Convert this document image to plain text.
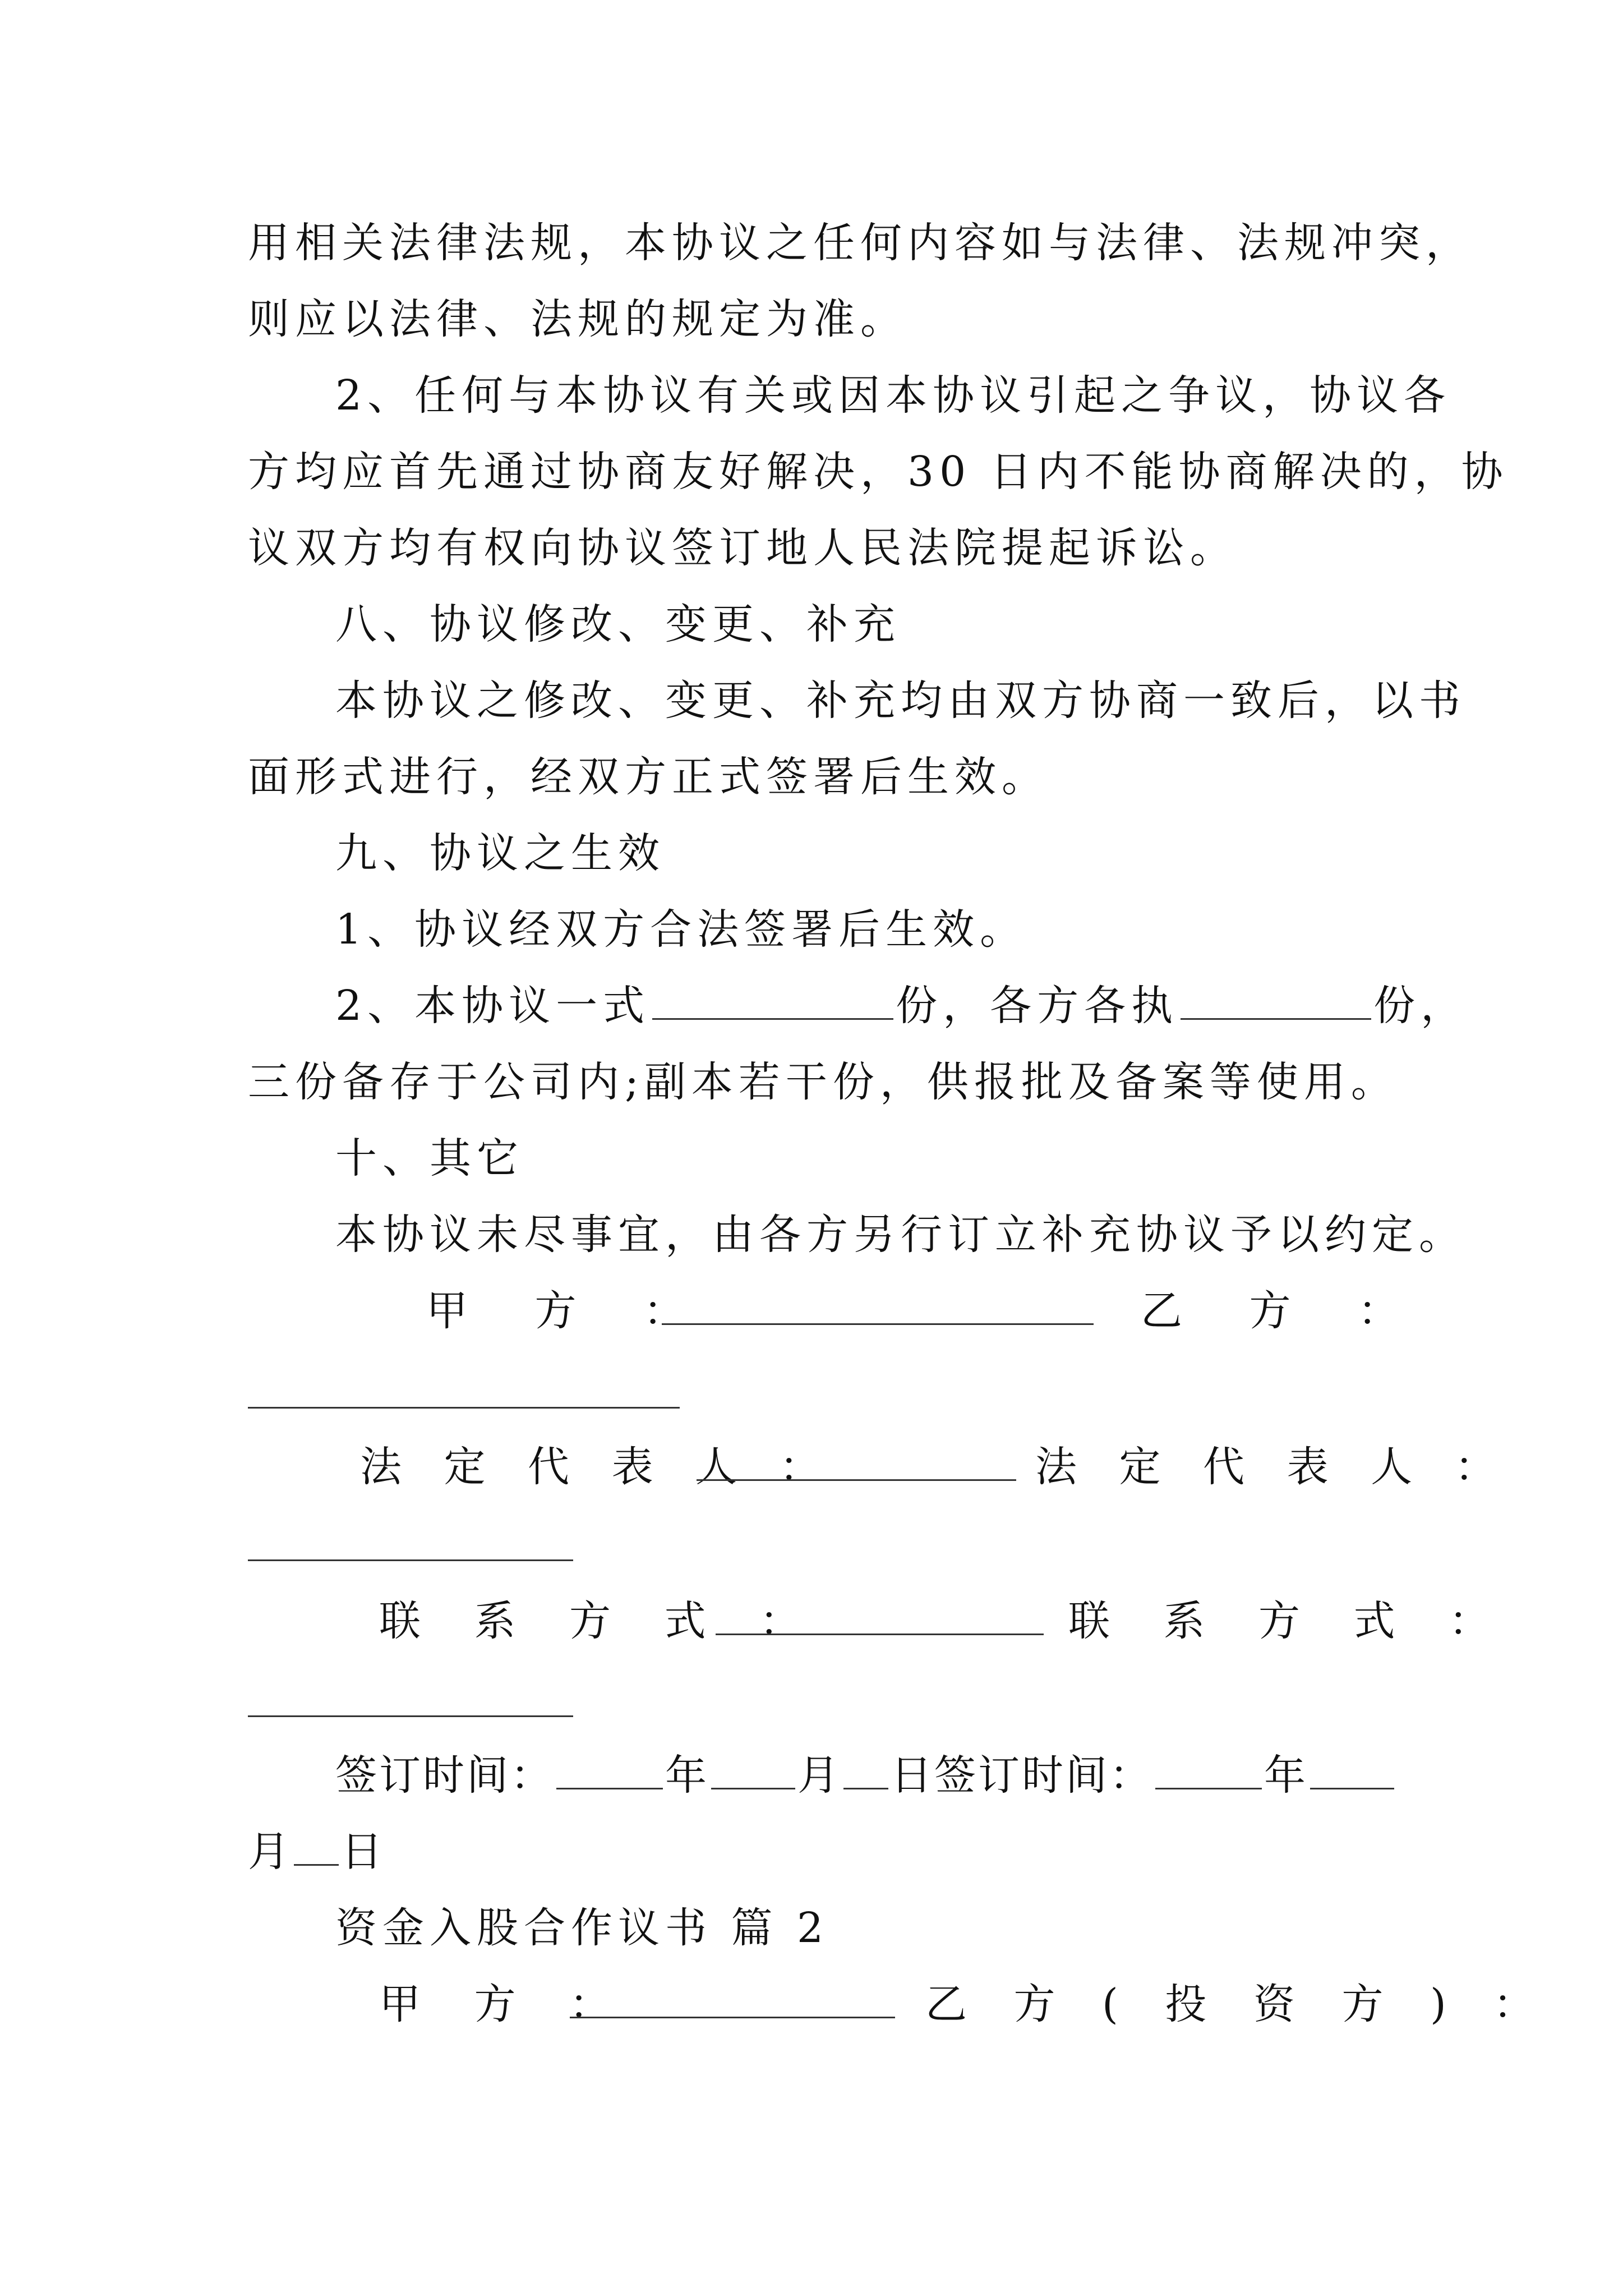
用相关法律法规，本协议之任何内容如与法律、法规冲突，
则应以法律、法规的规定为准。
2、任何与本协议有关或因本协议引起之争议，协议各
方均应首先通过协商友好解决，30 日内不能协商解决的，协
议双方均有权向协议签订地人民法院提起诉讼。
八、协议修改、变更、补充
本协议之修改、变更、补充均由双方协商一致后，以书
面形式进行，经双方正式签署后生效。
九、协议之生效
1、协议经双方合法签署后生效。
2、本协议一式	份，各方各执	份，
三份备存于公司内;副本若干份，供报批及备案等使用。
十、其它
本协议未尽事宜，由各方另行订立补充协议予以约定。
甲 方 ：	乙 方 ：
法 定 代 表 人 ：	法 定 代 表 人 ：
联 系 方 式 ：	联 系 方 式 ：
签订时间：	年 月 日签订时间：	年
月 日
资金入股合作议书 篇 2
甲 方 ：	乙 方 ( 投 资 方 ) ：
